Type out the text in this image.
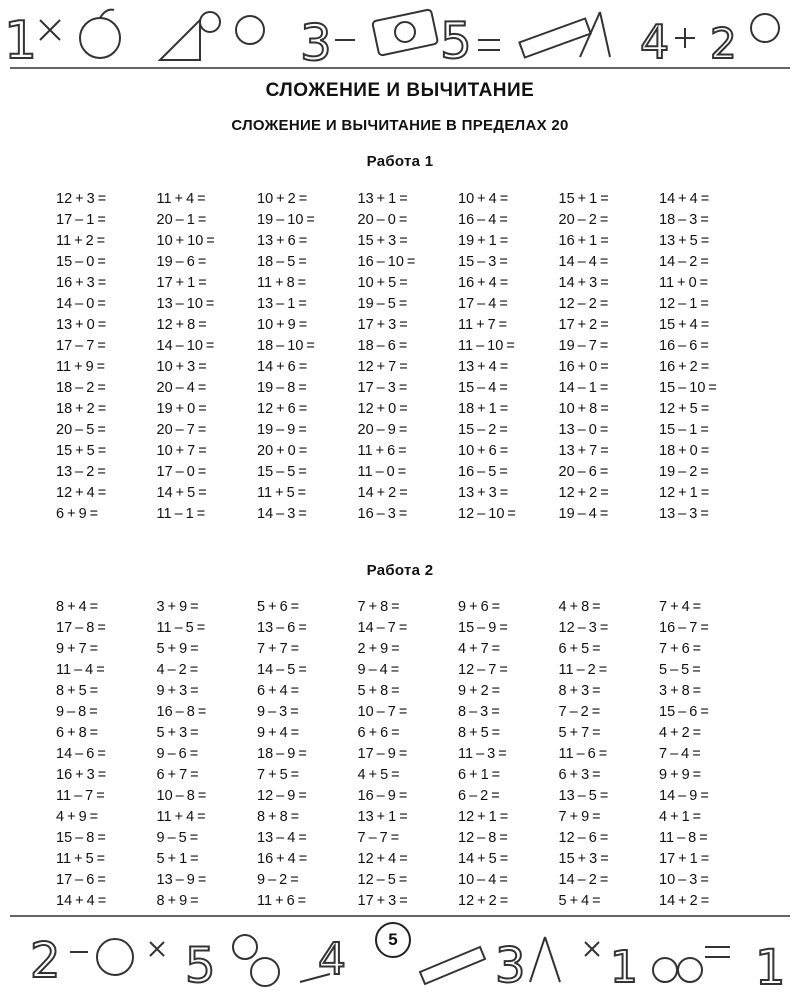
1	3 5	4 2
СЛОЖЕНИЕ И ВЫЧИТАНИЕ
СЛОЖЕНИЕ И ВЫЧИТАНИЕ В ПРЕДЕЛАХ 20
Работа 1
12 + 3 =	11 + 4 =	10 + 2 =	13 + 1 =	10 + 4 =	15 + 1 =	14 + 4 =
17 – 1 =	20 – 1 =	19 – 10 =	20 – 0 =	16 – 4 =	20 – 2 =	18 – 3 =
11 + 2 =	10 + 10 =	13 + 6 =	15 + 3 =	19 + 1 =	16 + 1 =	13 + 5 =
15 – 0 =	19 – 6 =	18 – 5 =	16 – 10 =	15 – 3 =	14 – 4 =	14 – 2 =
16 + 3 =	17 + 1 =	11 + 8 =	10 + 5 =	16 + 4 =	14 + 3 =	11 + 0 =
14 – 0 =	13 – 10 =	13 – 1 =	19 – 5 =	17 – 4 =	12 – 2 =	12 – 1 =
13 + 0 =	12 + 8 =	10 + 9 =	17 + 3 =	11 + 7 =	17 + 2 =	15 + 4 =
17 – 7 =	14 – 10 =	18 – 10 =	18 – 6 =	11 – 10 =	19 – 7 =	16 – 6 =
11 + 9 =	10 + 3 =	14 + 6 =	12 + 7 =	13 + 4 =	16 + 0 =	16 + 2 =
18 – 2 =	20 – 4 =	19 – 8 =	17 – 3 =	15 – 4 =	14 – 1 =	15 – 10 =
18 + 2 =	19 + 0 =	12 + 6 =	12 + 0 =	18 + 1 =	10 + 8 =	12 + 5 =
20 – 5 =	20 – 7 =	19 – 9 =	20 – 9 =	15 – 2 =	13 – 0 =	15 – 1 =
15 + 5 =	10 + 7 =	20 + 0 =	11 + 6 =	10 + 6 =	13 + 7 =	18 + 0 =
13 – 2 =	17 – 0 =	15 – 5 =	11 – 0 =	16 – 5 =	20 – 6 =	19 – 2 =
12 + 4 =	14 + 5 =	11 + 5 =	14 + 2 =	13 + 3 =	12 + 2 =	12 + 1 =
6 + 9 =	11 – 1 =	14 – 3 =	16 – 3 =	12 – 10 =	19 – 4 =	13 – 3 =
Работа 2
8 + 4 =	3 + 9 =	5 + 6 =	7 + 8 =	9 + 6 =	4 + 8 =	7 + 4 =
17 – 8 =	11 – 5 =	13 – 6 =	14 – 7 =	15 – 9 =	12 – 3 =	16 – 7 =
9 + 7 =	5 + 9 =	7 + 7 =	2 + 9 =	4 + 7 =	6 + 5 =	7 + 6 =
11 – 4 =	4 – 2 =	14 – 5 =	9 – 4 =	12 – 7 =	11 – 2 =	5 – 5 =
8 + 5 =	9 + 3 =	6 + 4 =	5 + 8 =	9 + 2 =	8 + 3 =	3 + 8 =
9 – 8 =	16 – 8 =	9 – 3 =	10 – 7 =	8 – 3 =	7 – 2 =	15 – 6 =
6 + 8 =	5 + 3 =	9 + 4 =	6 + 6 =	8 + 5 =	5 + 7 =	4 + 2 =
14 – 6 =	9 – 6 =	18 – 9 =	17 – 9 =	11 – 3 =	11 – 6 =	7 – 4 =
16 + 3 =	6 + 7 =	7 + 5 =	4 + 5 =	6 + 1 =	6 + 3 =	9 + 9 =
11 – 7 =	10 – 8 =	12 – 9 =	16 – 9 =	6 – 2 =	13 – 5 =	14 – 9 =
4 + 9 =	11 + 4 =	8 + 8 =	13 + 1 =	12 + 1 =	7 + 9 =	4 + 1 =
15 – 8 =	9 – 5 =	13 – 4 =	7 – 7 =	12 – 8 =	12 – 6 =	11 – 8 =
11 + 5 =	5 + 1 =	16 + 4 =	12 + 4 =	14 + 5 =	15 + 3 =	17 + 1 =
17 – 6 =	13 – 9 =	9 – 2 =	12 – 5 =	10 – 4 =	14 – 2 =	10 – 3 =
14 + 4 =	8 + 9 =	11 + 6 =	17 + 3 =	12 + 2 =	5 + 4 =	14 + 2 =
2	5 4	3 1 1
5
